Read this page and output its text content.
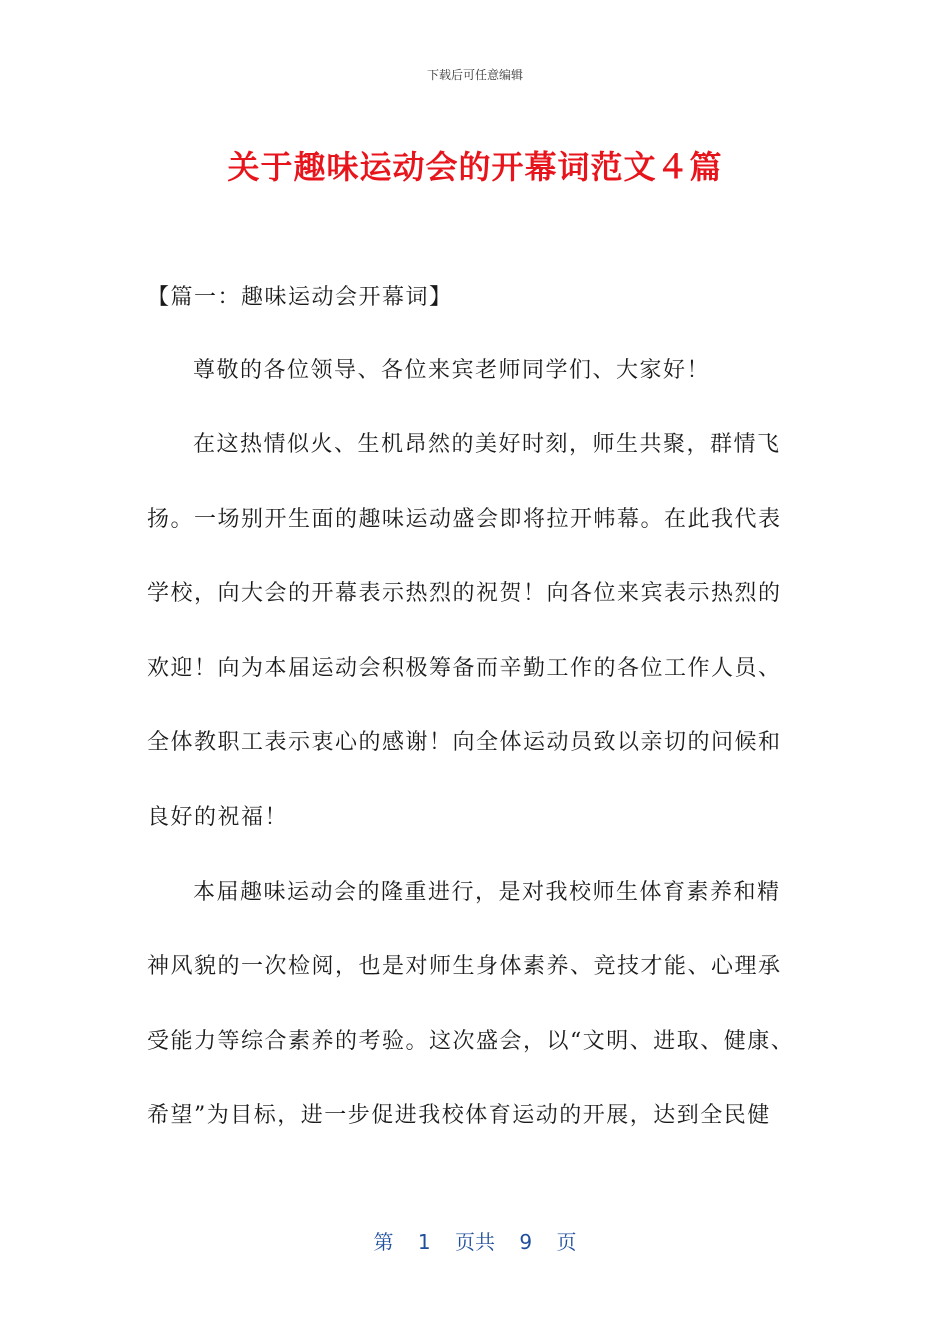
下载后可任意编辑
关于趣味运动会的开幕词范文４篇
【篇一：趣味运动会开幕词】
尊敬的各位领导、各位来宾老师同学们、大家好！
在这热情似火、生机昂然的美好时刻，师生共聚，群情飞
扬。一场别开生面的趣味运动盛会即将拉开帏幕。在此我代表
学校，向大会的开幕表示热烈的祝贺！向各位来宾表示热烈的
欢迎！向为本届运动会积极筹备而辛勤工作的各位工作人员、
全体教职工表示衷心的感谢！向全体运动员致以亲切的问候和
良好的祝福！
本届趣味运动会的隆重进行，是对我校师生体育素养和精
神风貌的一次检阅，也是对师生身体素养、竞技才能、心理承
受能力等综合素养的考验。这次盛会，以“文明、进取、健康、
希望”为目标，进一步促进我校体育运动的开展，达到全民健
第 1 页共 9 页
